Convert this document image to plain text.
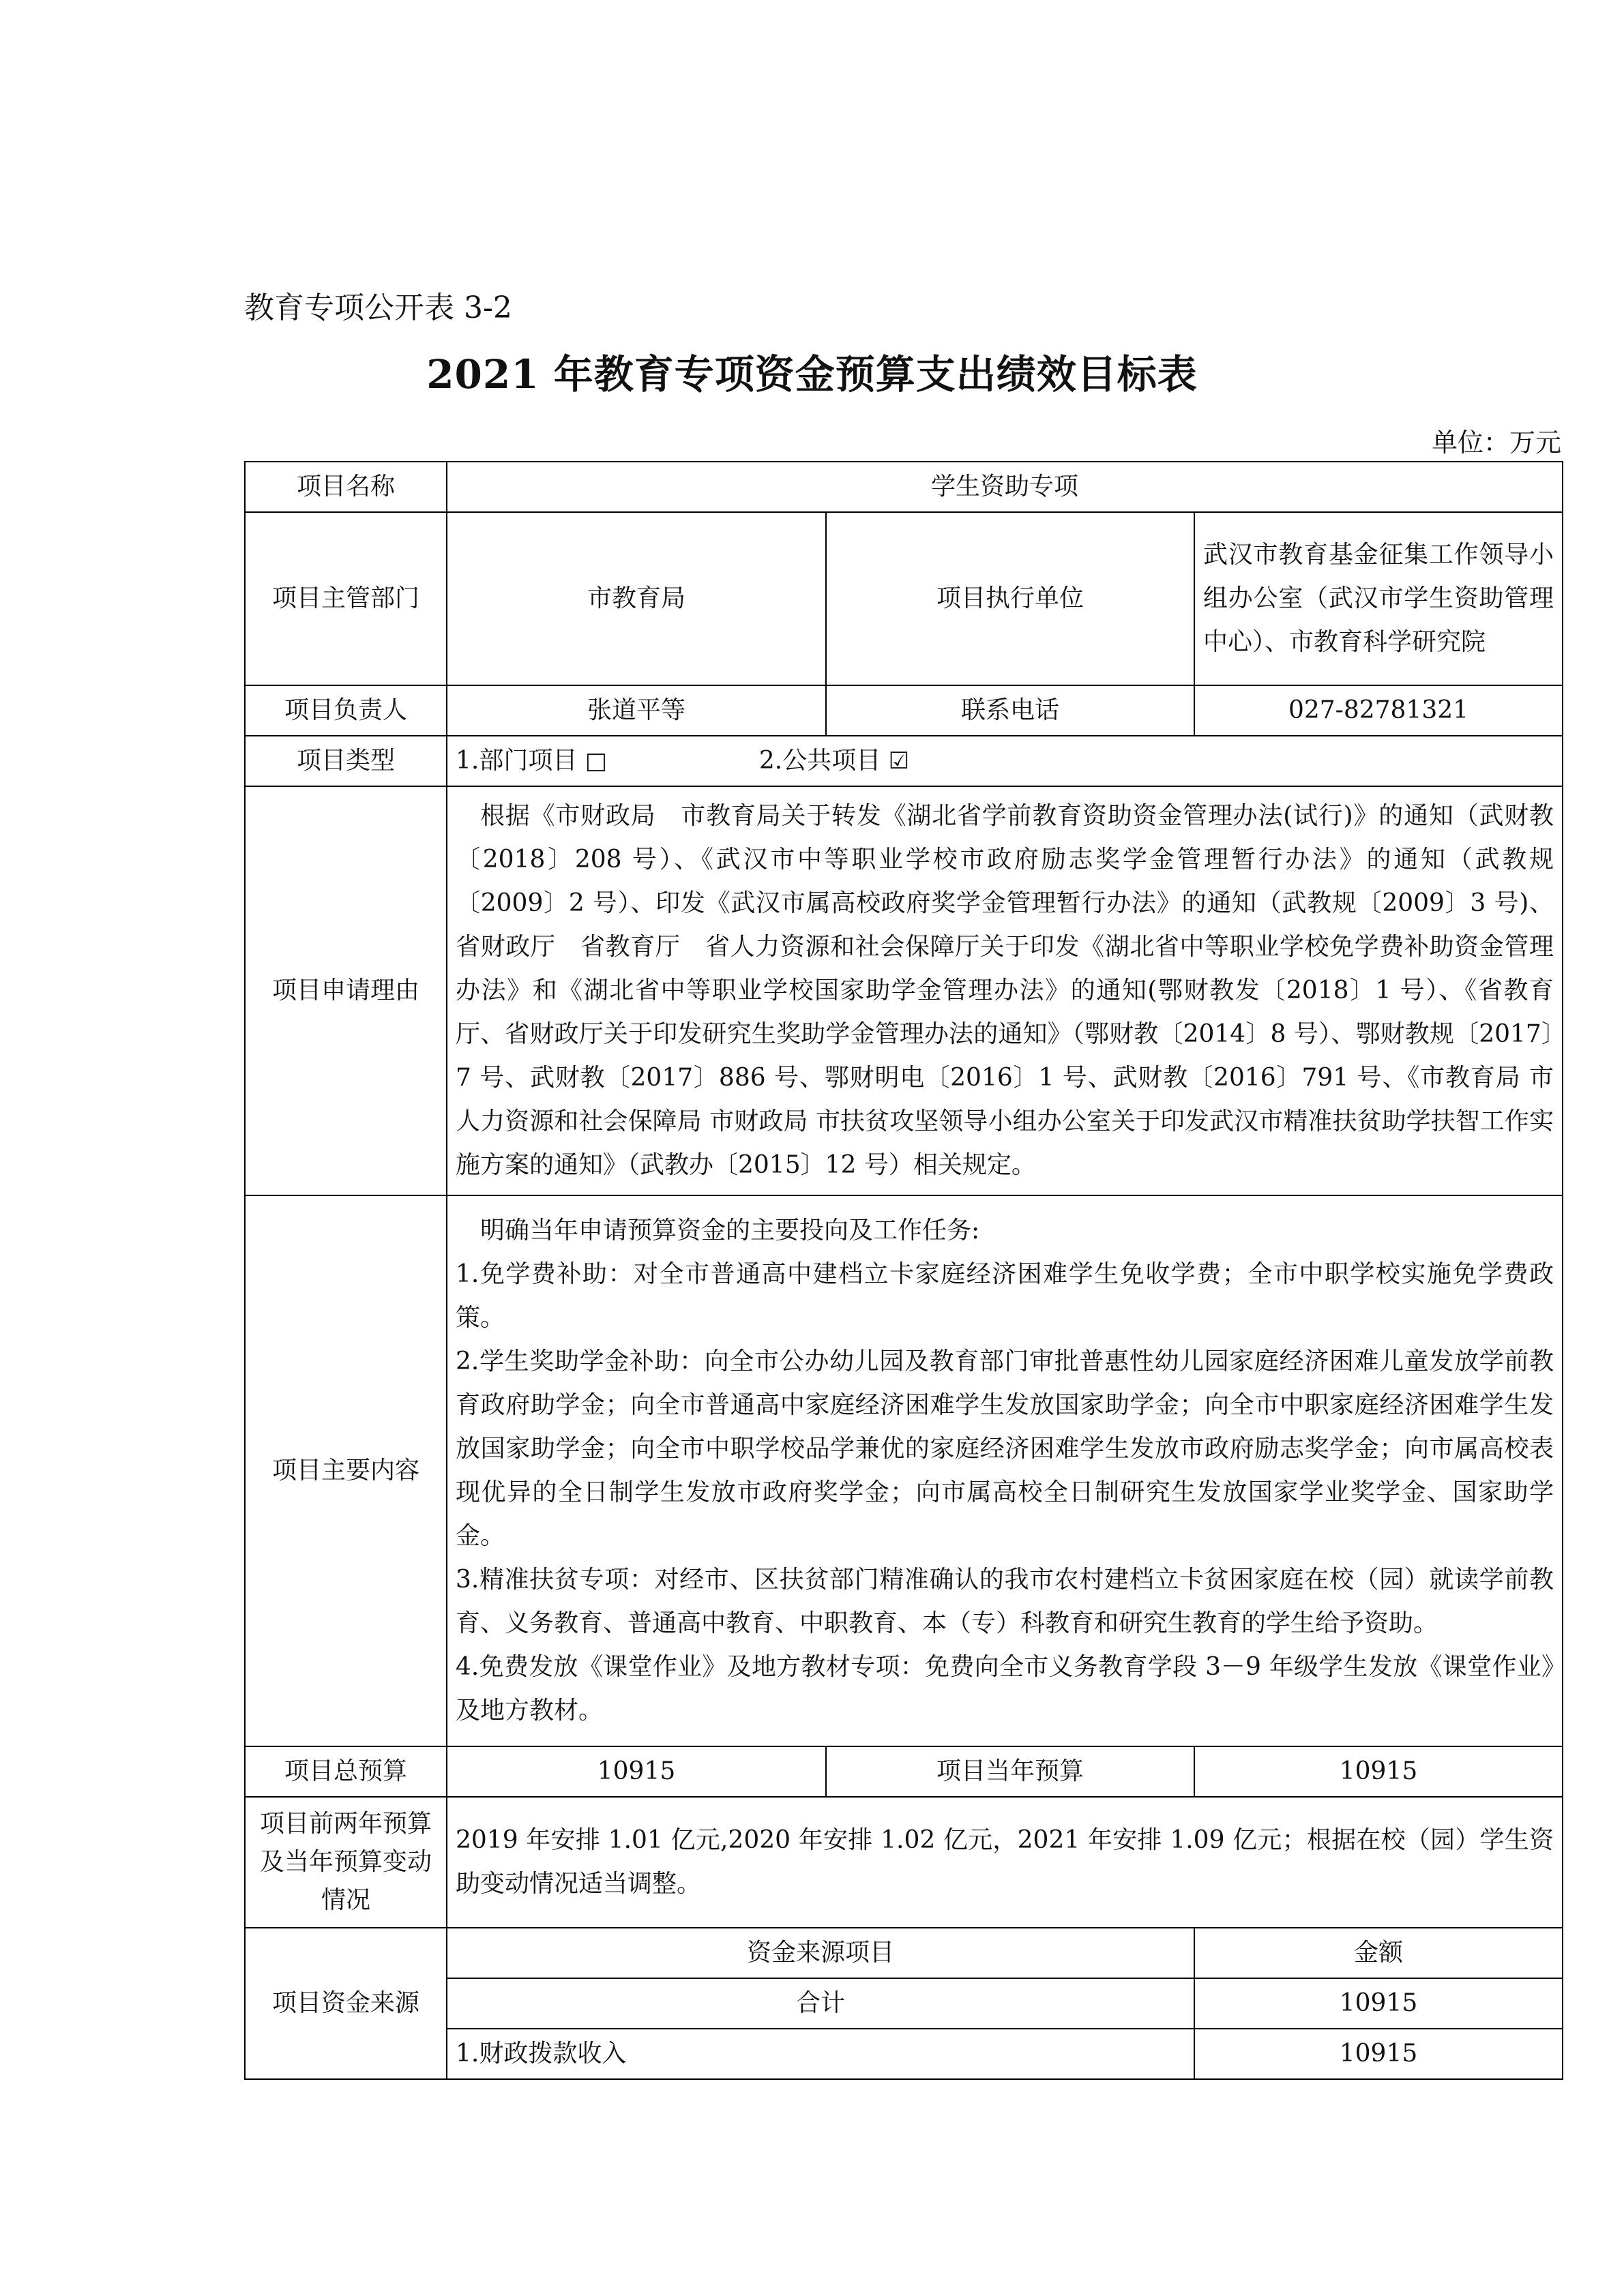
教育专项公开表 3-2
2021 年教育专项资金预算支出绩效目标表
单位：万元
项目名称	学生资助专项		
项目主管部门	市教育局	项目执行单位	武汉市教育基金征集工作领导小组办公室（武汉市学生资助管理中心）、市教育科学研究院
项目负责人	张道平等	联系电话	027-82781321
项目类型	1.部门项目 □ 2.公共项目 ☑		
项目申请理由	根据《市财政局　市教育局关于转发《湖北省学前教育资助资金管理办法(试行)》的通知（武财教〔2018〕208 号）、《武汉市中等职业学校市政府励志奖学金管理暂行办法》的通知（武教规〔2009〕2 号）、印发《武汉市属高校政府奖学金管理暂行办法》的通知（武教规〔2009〕3 号)、省财政厅　省教育厅　省人力资源和社会保障厅关于印发《湖北省中等职业学校免学费补助资金管理办法》和《湖北省中等职业学校国家助学金管理办法》的通知(鄂财教发〔2018〕1 号）、《省教育厅、省财政厅关于印发研究生奖助学金管理办法的通知》（鄂财教〔2014〕8 号）、鄂财教规〔2017〕7 号、武财教〔2017〕886 号、鄂财明电〔2016〕1 号、武财教〔2016〕791 号、《市教育局 市人力资源和社会保障局 市财政局 市扶贫攻坚领导小组办公室关于印发武汉市精准扶贫助学扶智工作实施方案的通知》（武教办〔2015〕12 号）相关规定。		
项目主要内容	明确当年申请预算资金的主要投向及工作任务:
1.免学费补助：对全市普通高中建档立卡家庭经济困难学生免收学费；全市中职学校实施免学费政策。
2.学生奖助学金补助：向全市公办幼儿园及教育部门审批普惠性幼儿园家庭经济困难儿童发放学前教育政府助学金；向全市普通高中家庭经济困难学生发放国家助学金；向全市中职家庭经济困难学生发放国家助学金；向全市中职学校品学兼优的家庭经济困难学生发放市政府励志奖学金；向市属高校表现优异的全日制学生发放市政府奖学金；向市属高校全日制研究生发放国家学业奖学金、国家助学金。
3.精准扶贫专项：对经市、区扶贫部门精准确认的我市农村建档立卡贫困家庭在校（园）就读学前教育、义务教育、普通高中教育、中职教育、本（专）科教育和研究生教育的学生给予资助。
4.免费发放《课堂作业》及地方教材专项：免费向全市义务教育学段 3－9 年级学生发放《课堂作业》及地方教材。		

项目总预算	10915	项目当年预算	10915
项目前两年预算及当年预算变动情况	2019 年安排 1.01 亿元,2020 年安排 1.02 亿元，2021 年安排 1.09 亿元；根据在校（园）学生资助变动情况适当调整。		
项目资金来源	资金来源项目		金额
	合计		10915
	1.财政拨款收入		10915
